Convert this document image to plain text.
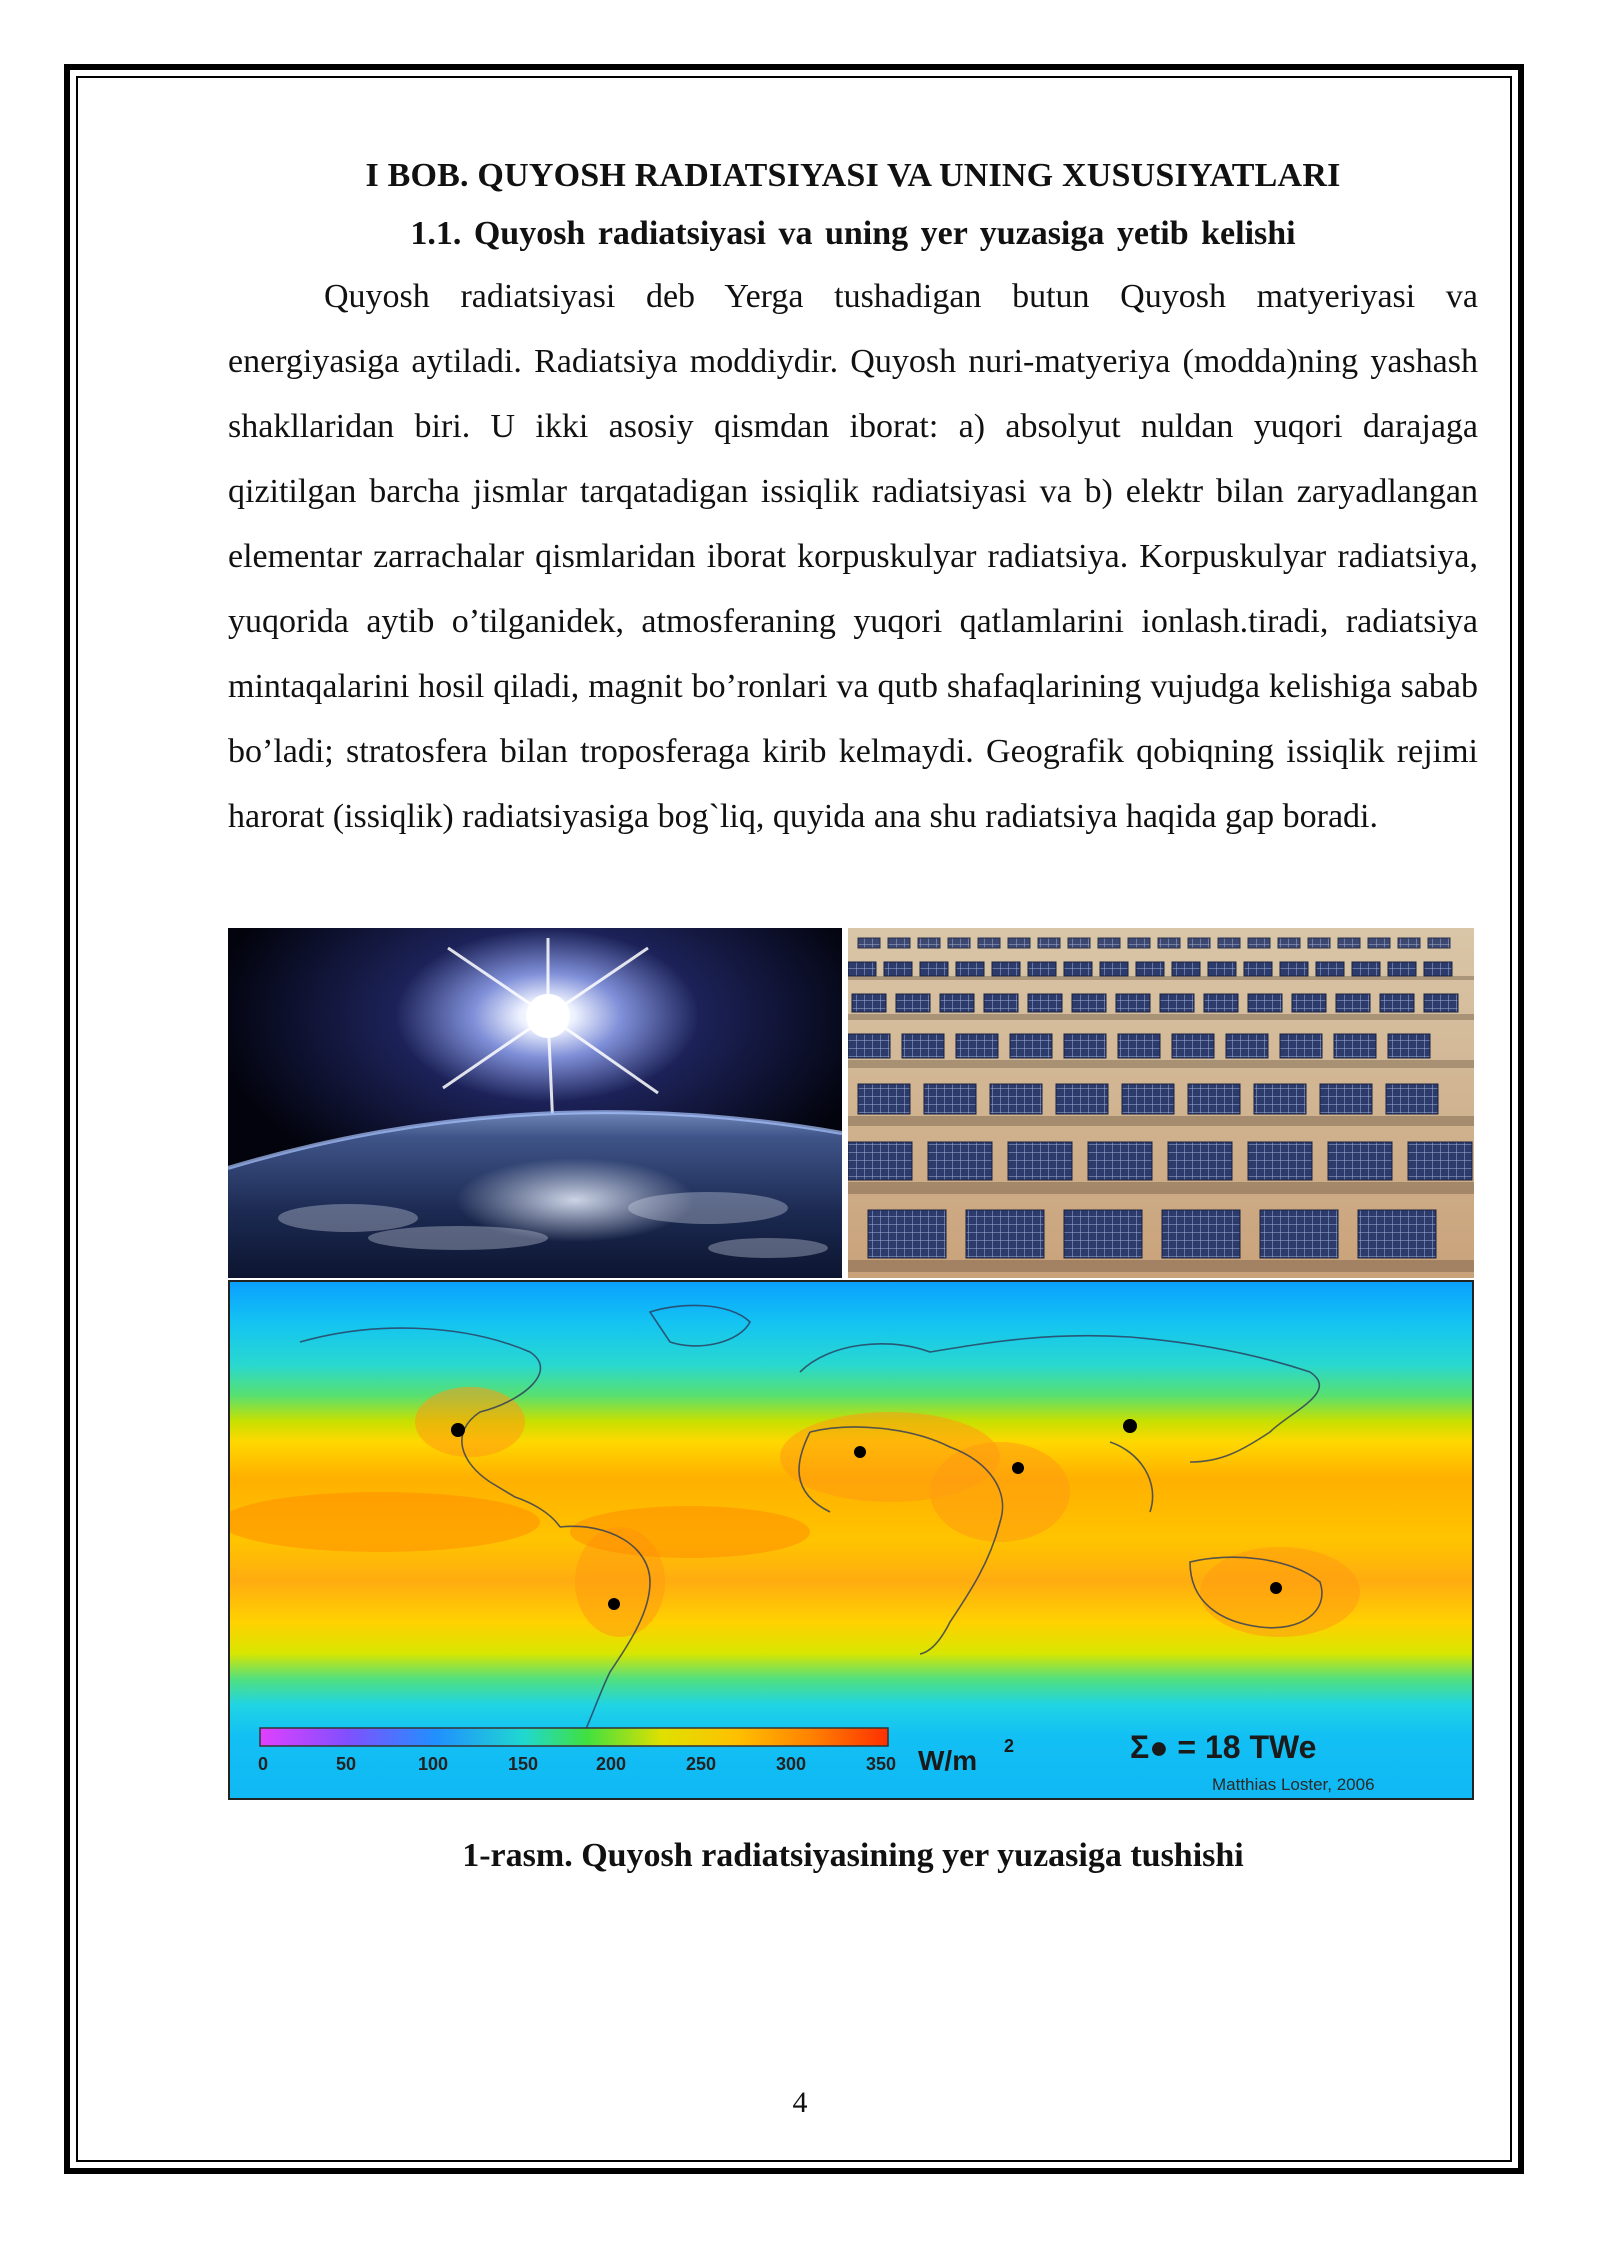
I BOB. QUYOSH RADIATSIYASI VA UNING XUSUSIYATLARI
1.1. Quyosh radiatsiyasi va uning yer yuzasiga yetib kelishi

Quyosh radiatsiyasi deb Yerga tushadigan butun Quyosh matyeriyasi va energiyasiga aytiladi. Radiatsiya moddiydir. Quyosh nuri-matyeriya (modda)ning yashash shakllaridan biri. U ikki asosiy qismdan iborat: a) absolyut nuldan yuqori darajaga qizitilgan barcha jismlar tarqatadigan issiqlik radiatsiyasi va b) elektr bilan zaryadlangan elementar zarrachalar qismlaridan iborat korpuskulyar radiatsiya. Korpuskulyar radiatsiya, yuqorida aytib o’tilganidek, atmosferaning yuqori qatlamlarini ionlash.tiradi, radiatsiya mintaqalarini hosil qiladi, magnit bo’ronlari va qutb shafaqlarining vujudga kelishiga sabab bo’ladi; stratosfera bilan troposferaga kirib kelmaydi. Geografik qobiqning issiqlik rejimi harorat (issiqlik) radiatsiyasiga bog`liq, quyida ana shu radiatsiya haqida gap boradi.

0	50	100	150	200	250	300	350 W/m 2	Σ● = 18 TWe
Matthias Loster, 2006
1-rasm. Quyosh radiatsiyasining yer yuzasiga tushishi
4
